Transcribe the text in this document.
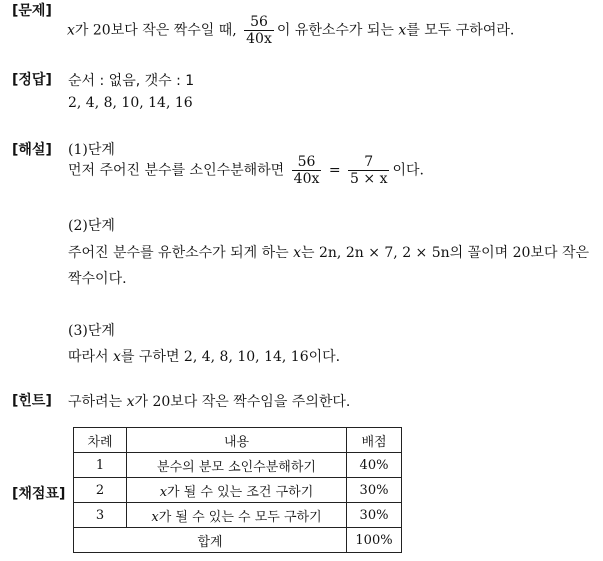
[문제]
[정답]
[해설]
[힌트]
[채점표]
x가 20보다 작은 짝수일 때, $\frac{56}{40x}$ 이 유한소수가 되는 x를 모두 구하여라.
순서 : 없음, 갯수 : 1
2, 4, 8, 10, 14, 16
(1)단계
먼저 주어진 분수를 소인수분해하면 $\frac{56}{40x} = \frac{7}{5 \times x}$ 이다.
(2)단계
주어진 분수를 유한소수가 되게 하는 x는 2n, 2n × 7, 2 × 5n의 꼴이며 20보다 작은
짝수이다.
(3)단계
따라서 x를 구하면 2, 4, 8, 10, 14, 16이다.
구하려는 x가 20보다 작은 짝수임을 주의한다.
차례	내용	배점
1	분수의 분모 소인수분해하기	40%
2	x가 될 수 있는 조건 구하기	30%
3	x가 될 수 있는 수 모두 구하기	30%
합계		100%
